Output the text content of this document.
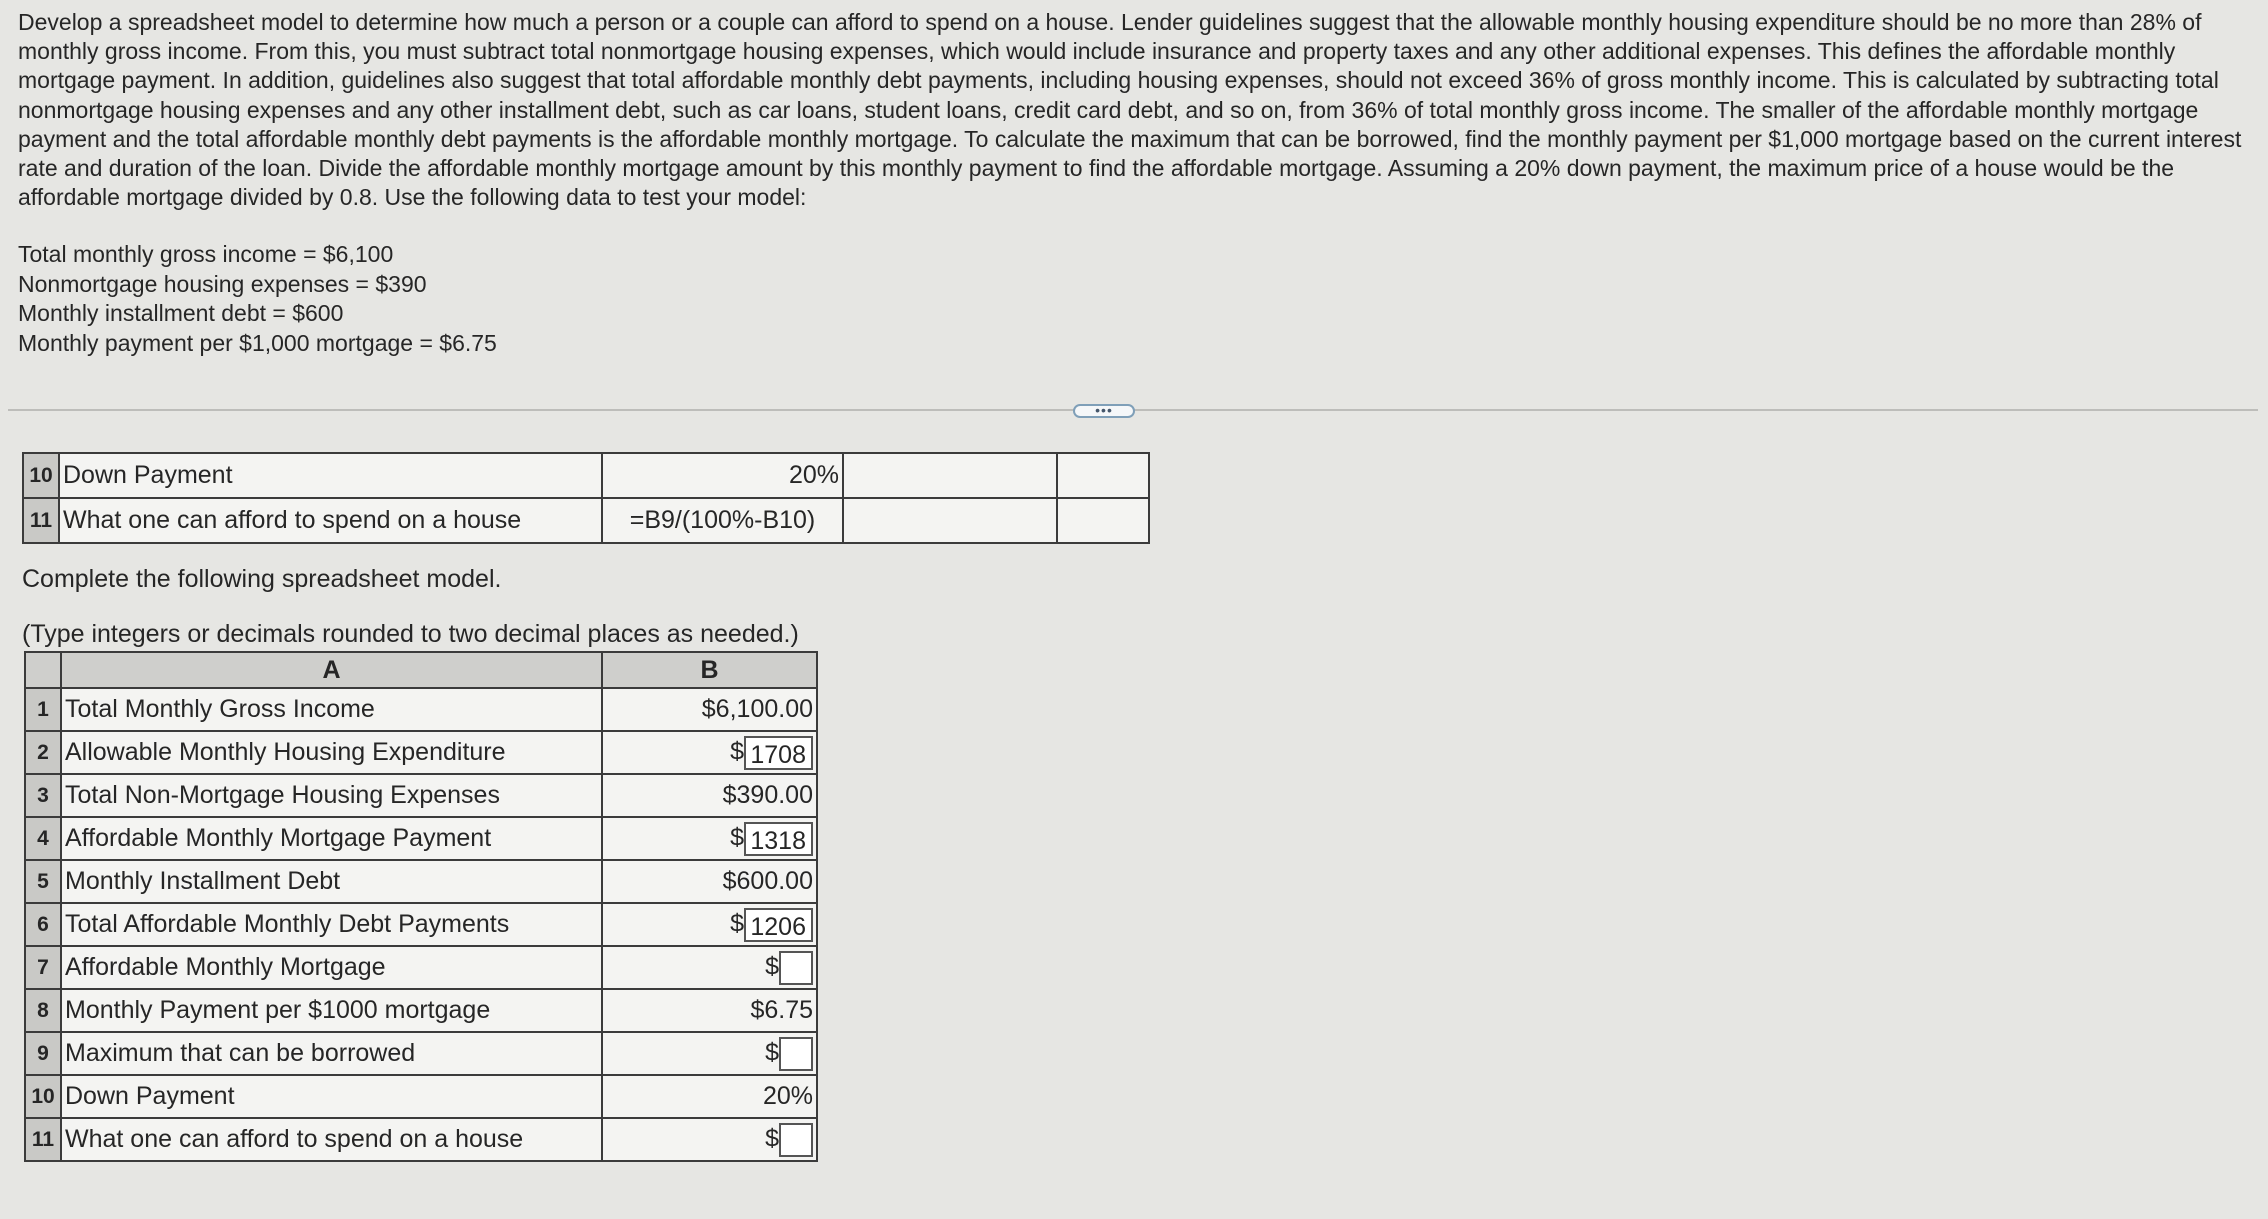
Develop a spreadsheet model to determine how much a person or a couple can afford to spend on a house. Lender guidelines suggest that the allowable monthly housing expenditure should be no more than 28% of monthly gross income. From this, you must subtract total nonmortgage housing expenses, which would include insurance and property taxes and any other additional expenses. This defines the affordable monthly mortgage payment. In addition, guidelines also suggest that total affordable monthly debt payments, including housing expenses, should not exceed 36% of gross monthly income. This is calculated by subtracting total nonmortgage housing expenses and any other installment debt, such as car loans, student loans, credit card debt, and so on, from 36% of total monthly gross income. The smaller of the affordable monthly mortgage payment and the total affordable monthly debt payments is the affordable monthly mortgage. To calculate the maximum that can be borrowed, find the monthly payment per $1,000 mortgage based on the current interest rate and duration of the loan. Divide the affordable monthly mortgage amount by this monthly payment to find the affordable mortgage. Assuming a 20% down payment, the maximum price of a house would be the affordable mortgage divided by 0.8. Use the following data to test your model:
Total monthly gross income = $6,100
Nonmortgage housing expenses = $390
Monthly installment debt = $600
Monthly payment per $1,000 mortgage = $6.75
•••
10	Down Payment	20%		
11	What one can afford to spend on a house	=B9/(100%-B10)		
Complete the following spreadsheet model.
(Type integers or decimals rounded to two decimal places as needed.)
	A	B
1	Total Monthly Gross Income	$6,100.00
2	Allowable Monthly Housing Expenditure	$ 1708
3	Total Non-Mortgage Housing Expenses	$390.00
4	Affordable Monthly Mortgage Payment	$ 1318
5	Monthly Installment Debt	$600.00
6	Total Affordable Monthly Debt Payments	$ 1206
7	Affordable Monthly Mortgage	$
8	Monthly Payment per $1000 mortgage	$6.75
9	Maximum that can be borrowed	$
10	Down Payment	20%
11	What one can afford to spend on a house	$
